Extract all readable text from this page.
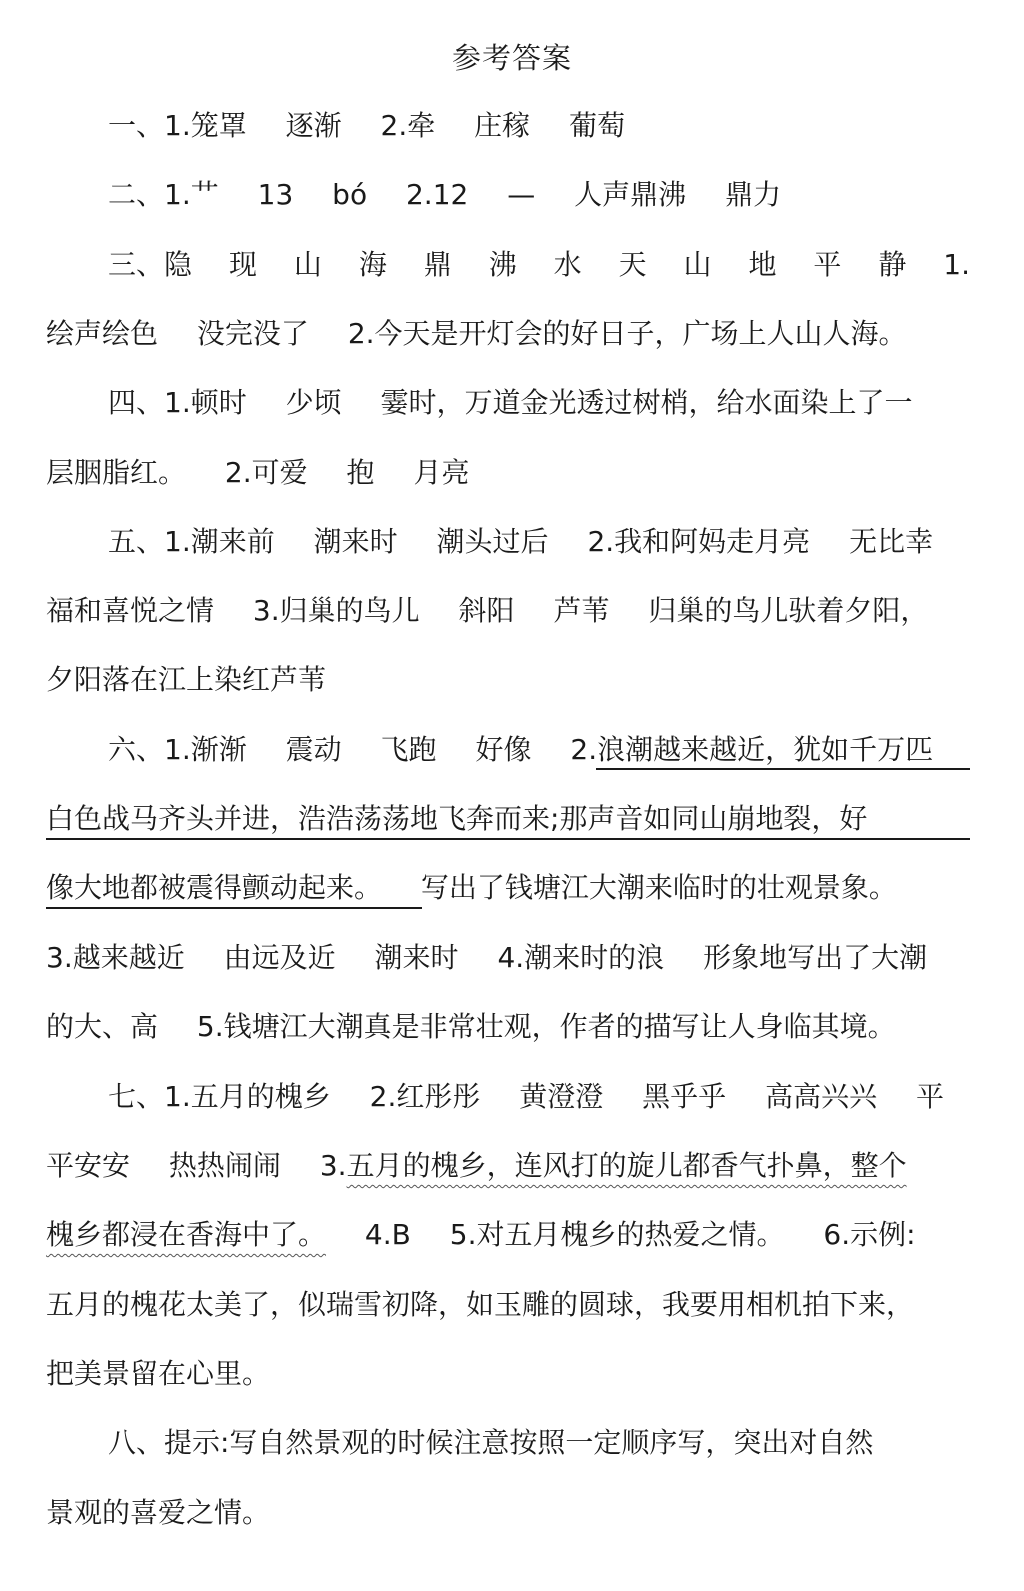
参考答案
一、1.笼罩 逐渐 2.牵 庄稼 葡萄
二、1.艹 13 bó 2.12 — 人声鼎沸 鼎力
三、隐 现 山 海 鼎 沸 水 天 山 地 平 静 1.
绘声绘色 没完没了 2.今天是开灯会的好日子，广场上人山人海。
四、1.顿时 少顷 霎时，万道金光透过树梢，给水面染上了一
层胭脂红。 2.可爱 抱 月亮
五、1.潮来前 潮来时 潮头过后 2.我和阿妈走月亮 无比幸
福和喜悦之情 3.归巢的鸟儿 斜阳 芦苇 归巢的鸟儿驮着夕阳，
夕阳落在江上染红芦苇
六、1.渐渐 震动 飞跑 好像 2.浪潮越来越近，犹如千万匹
白色战马齐头并进，浩浩荡荡地飞奔而来;那声音如同山崩地裂，好
像大地都被震得颤动起来。 写出了钱塘江大潮来临时的壮观景象。
3.越来越近 由远及近 潮来时 4.潮来时的浪 形象地写出了大潮
的大、高 5.钱塘江大潮真是非常壮观，作者的描写让人身临其境。
七、1.五月的槐乡 2.红彤彤 黄澄澄 黑乎乎 高高兴兴 平
平安安 热热闹闹 3.五月的槐乡，连风打的旋儿都香气扑鼻，整个
槐乡都浸在香海中了。 4.B 5.对五月槐乡的热爱之情。 6.示例:
五月的槐花太美了，似瑞雪初降，如玉雕的圆球，我要用相机拍下来，
把美景留在心里。
八、提示:写自然景观的时候注意按照一定顺序写，突出对自然
景观的喜爱之情。
